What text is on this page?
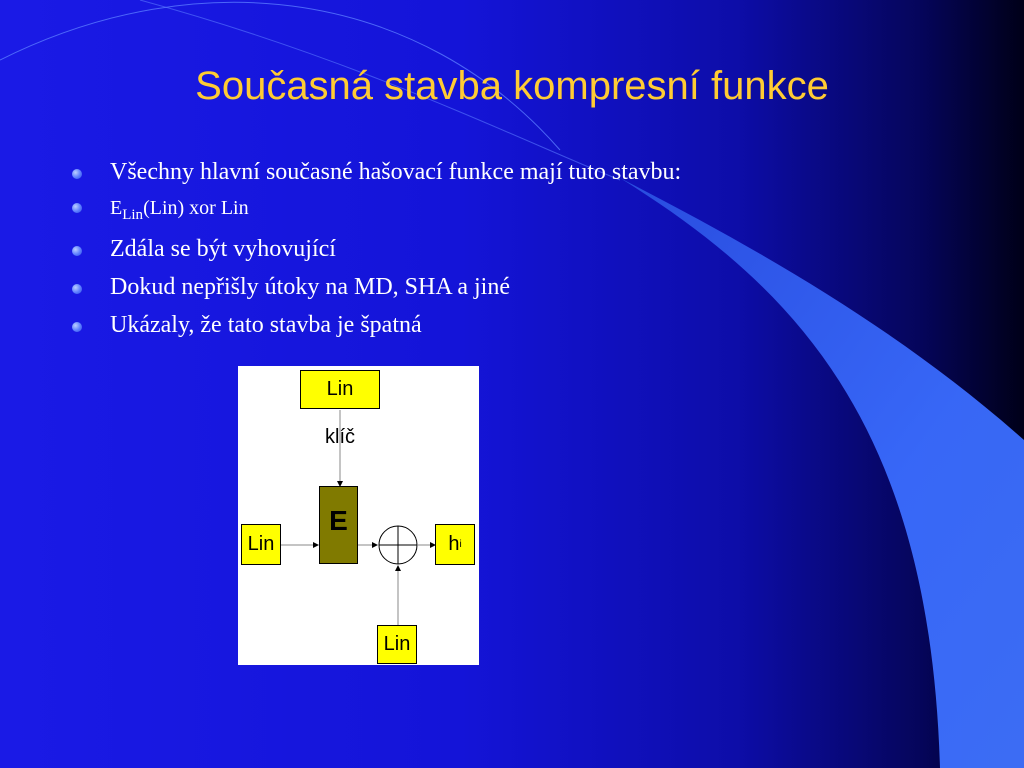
Současná stavba kompresní funkce
Všechny hlavní současné hašovací funkce mají tuto stavbu:
$E_{Lin}(Lin)$ xor Lin
Zdála se být vyhovující
Dokud nepřišly útoky na MD, SHA a jiné
Ukázaly, že tato stavba je špatná
Lin
klíč
Lin
E
h i
Lin
